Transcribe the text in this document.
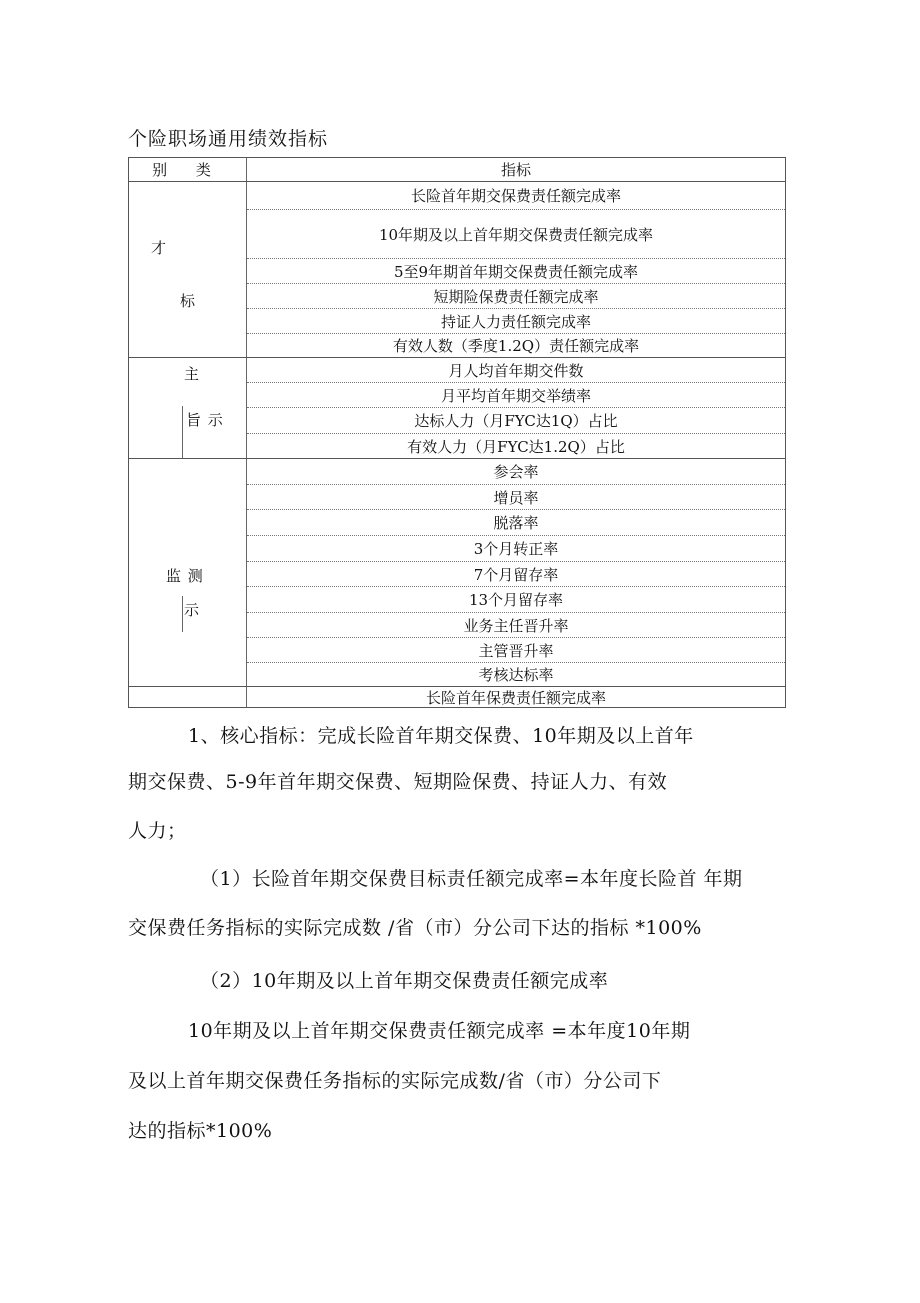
个险职场通用绩效指标
别 类	指标
才
标
长险首年期交保费责任额完成率
10年期及以上首年期交保费责任额完成率
5至9年期首年期交保费责任额完成率
短期险保费责任额完成率
持证人力责任额完成率
有效人数（季度1.2Q）责任额完成率
主
旨 示
月人均首年期交件数
月平均首年期交举绩率
达标人力（月FYC达1Q）占比
有效人力（月FYC达1.2Q）占比
监 测
示
参会率
增员率
脱落率
3个月转正率
7个月留存率
13个月留存率
业务主任晋升率
主管晋升率
考核达标率
长险首年保费责任额完成率
1、核心指标：完成长险首年期交保费、10年期及以上首年
期交保费、5-9年首年期交保费、短期险保费、持证人力、有效
人力；
（1）长险首年期交保费目标责任额完成率=本年度长险首 年期
交保费任务指标的实际完成数 /省（市）分公司下达的指标 *100%
（2）10年期及以上首年期交保费责任额完成率
10年期及以上首年期交保费责任额完成率 =本年度10年期
及以上首年期交保费任务指标的实际完成数/省（市）分公司下
达的指标*100%
